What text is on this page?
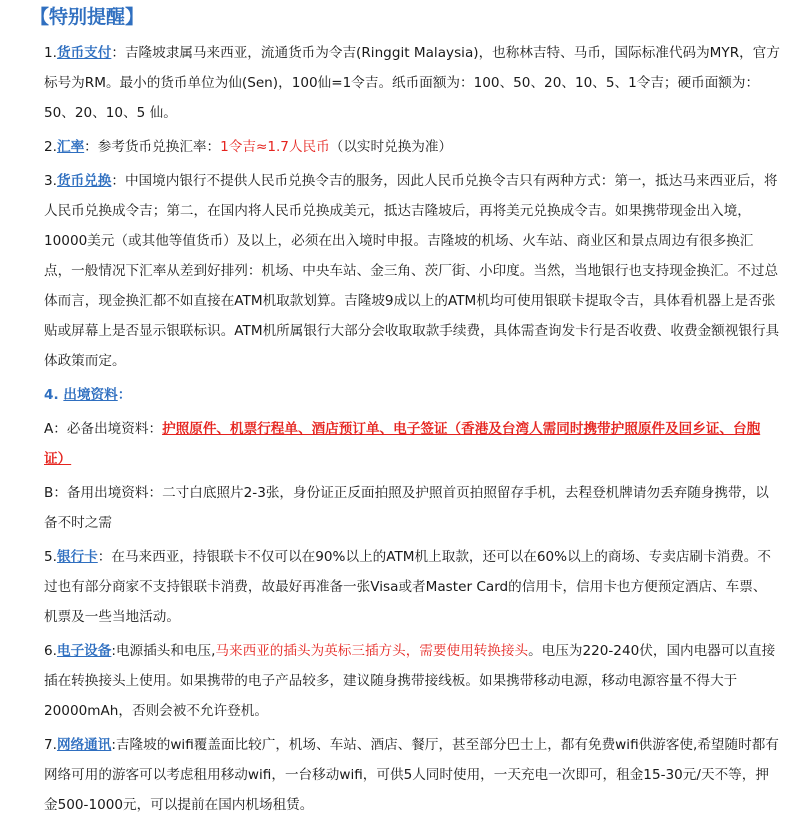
【特别提醒】

1.货币支付：吉隆坡隶属马来西亚，流通货币为令吉(Ringgit Malaysia)，也称林吉特、马币，国际标准代码为MYR，官方标号为RM。最小的货币单位为仙(Sen)，100仙=1令吉。纸币面额为：100、50、20、10、5、1令吉；硬币面额为：50、20、10、5 仙。

2.汇率：参考货币兑换汇率：1令吉≈1.7人民币（以实时兑换为准）

3.货币兑换：中国境内银行不提供人民币兑换令吉的服务，因此人民币兑换令吉只有两种方式：第一，抵达马来西亚后，将人民币兑换成令吉；第二，在国内将人民币兑换成美元，抵达吉隆坡后，再将美元兑换成令吉。如果携带现金出入境，10000美元（或其他等值货币）及以上，必须在出入境时申报。吉隆坡的机场、火车站、商业区和景点周边有很多换汇点，一般情况下汇率从差到好排列：机场、中央车站、金三角、茨厂街、小印度。当然，当地银行也支持现金换汇。不过总体而言，现金换汇都不如直接在ATM机取款划算。吉隆坡9成以上的ATM机均可使用银联卡提取令吉，具体看机器上是否张贴或屏幕上是否显示银联标识。ATM机所属银行大部分会收取取款手续费，具体需查询发卡行是否收费、收费金额视银行具体政策而定。

4. 出境资料：

A：必备出境资料：护照原件、机票行程单、酒店预订单、电子签证（香港及台湾人需同时携带护照原件及回乡证、台胞证）

B：备用出境资料：二寸白底照片2-3张，身份证正反面拍照及护照首页拍照留存手机，去程登机牌请勿丢弃随身携带，以备不时之需

5.银行卡：在马来西亚，持银联卡不仅可以在90%以上的ATM机上取款，还可以在60%以上的商场、专卖店刷卡消费。不过也有部分商家不支持银联卡消费，故最好再准备一张Visa或者Master Card的信用卡，信用卡也方便预定酒店、车票、机票及一些当地活动。

6.电子设备:电源插头和电压,马来西亚的插头为英标三插方头，需要使用转换接头。电压为220-240伏，国内电器可以直接插在转换接头上使用。如果携带的电子产品较多，建议随身携带接线板。如果携带移动电源，移动电源容量不得大于20000mAh，否则会被不允许登机。

7.网络通讯:吉隆坡的wifi覆盖面比较广，机场、车站、酒店、餐厅，甚至部分巴士上，都有免费wifi供游客使,希望随时都有网络可用的游客可以考虑租用移动wifi，一台移动wifi，可供5人同时使用，一天充电一次即可，租金15-30元/天不等，押金500-1000元，可以提前在国内机场租赁。
